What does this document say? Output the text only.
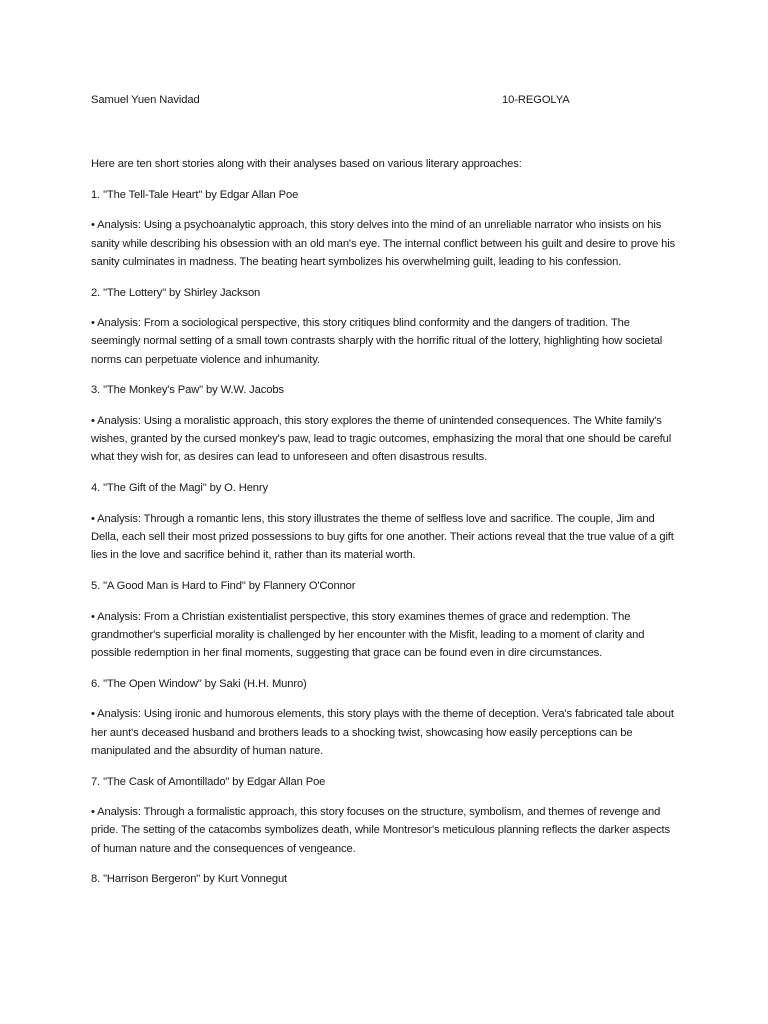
Samuel Yuen Navidad	10-REGOLYA

Here are ten short stories along with their analyses based on various literary approaches:

1. "The Tell-Tale Heart" by Edgar Allan Poe

• Analysis: Using a psychoanalytic approach, this story delves into the mind of an unreliable narrator who insists on his sanity while describing his obsession with an old man's eye. The internal conflict between his guilt and desire to prove his sanity culminates in madness. The beating heart symbolizes his overwhelming guilt, leading to his confession.

2. "The Lottery" by Shirley Jackson

• Analysis: From a sociological perspective, this story critiques blind conformity and the dangers of tradition. The seemingly normal setting of a small town contrasts sharply with the horrific ritual of the lottery, highlighting how societal norms can perpetuate violence and inhumanity.

3. "The Monkey's Paw" by W.W. Jacobs

• Analysis: Using a moralistic approach, this story explores the theme of unintended consequences. The White family's wishes, granted by the cursed monkey's paw, lead to tragic outcomes, emphasizing the moral that one should be careful what they wish for, as desires can lead to unforeseen and often disastrous results.

4. "The Gift of the Magi" by O. Henry

• Analysis: Through a romantic lens, this story illustrates the theme of selfless love and sacrifice. The couple, Jim and Della, each sell their most prized possessions to buy gifts for one another. Their actions reveal that the true value of a gift lies in the love and sacrifice behind it, rather than its material worth.

5. "A Good Man is Hard to Find" by Flannery O'Connor

• Analysis: From a Christian existentialist perspective, this story examines themes of grace and redemption. The grandmother's superficial morality is challenged by her encounter with the Misfit, leading to a moment of clarity and possible redemption in her final moments, suggesting that grace can be found even in dire circumstances.

6. "The Open Window" by Saki (H.H. Munro)

• Analysis: Using ironic and humorous elements, this story plays with the theme of deception. Vera's fabricated tale about her aunt's deceased husband and brothers leads to a shocking twist, showcasing how easily perceptions can be manipulated and the absurdity of human nature.

7. "The Cask of Amontillado" by Edgar Allan Poe

• Analysis: Through a formalistic approach, this story focuses on the structure, symbolism, and themes of revenge and pride. The setting of the catacombs symbolizes death, while Montresor's meticulous planning reflects the darker aspects of human nature and the consequences of vengeance.

8. "Harrison Bergeron" by Kurt Vonnegut
